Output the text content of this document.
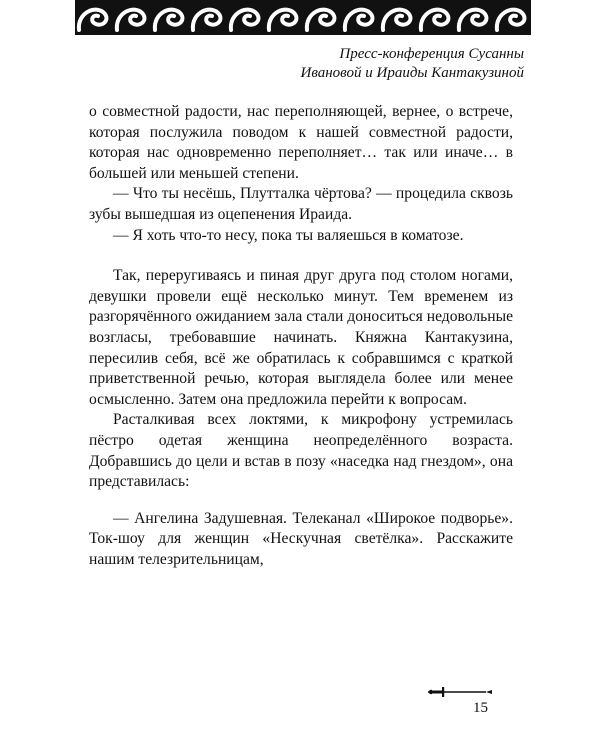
Пресс-конференция Сусанны
Ивановой и Ираиды Кантакузиной

о совместной радости, нас переполняющей, вернее, о встрече, которая послужила поводом к нашей совместной радости, которая нас одновременно переполняет… так или иначе… в большей или меньшей степени.

— Что ты несёшь, Плутталка чёртова? — процедила сквозь зубы вышедшая из оцепенения Ираида.

— Я хоть что-то несу, пока ты валяешься в коматозе.

Так, переругиваясь и пиная друг друга под столом ногами, девушки провели ещё несколько минут. Тем временем из разгорячённого ожиданием зала стали доноситься недовольные возгласы, требовавшие начинать. Княжна Кантакузина, пересилив себя, всё же обратилась к собравшимся с краткой приветственной речью, которая выглядела более или менее осмысленно. Затем она предложила перейти к вопросам.

Расталкивая всех локтями, к микрофону устремилась пёстро одетая женщина неопределённого возраста. Добравшись до цели и встав в позу «наседка над гнездом», она представилась:

— Ангелина Задушевная. Телеканал «Широкое подворье». Ток-шоу для женщин «Нескучная светёлка». Расскажите нашим телезрительницам,

15
